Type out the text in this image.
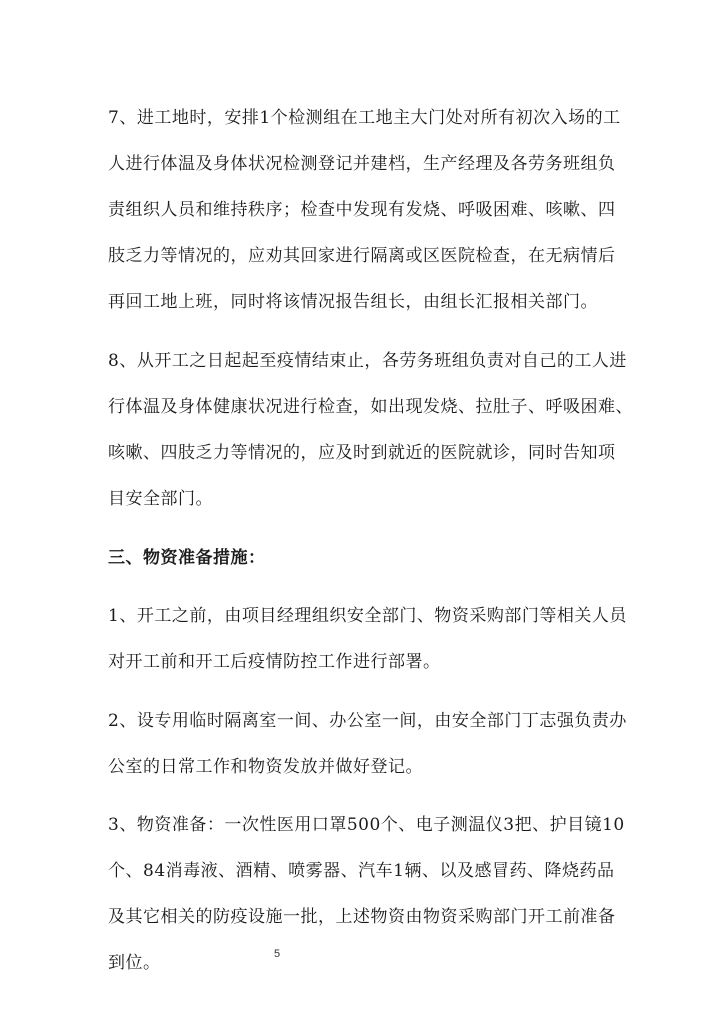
7、进工地时，安排1个检测组在工地主大门处对所有初次入场的工
人进行体温及身体状况检测登记并建档，生产经理及各劳务班组负
责组织人员和维持秩序；检查中发现有发烧、呼吸困难、咳嗽、四
肢乏力等情况的，应劝其回家进行隔离或区医院检查，在无病情后
再回工地上班，同时将该情况报告组长，由组长汇报相关部门。
8、从开工之日起起至疫情结束止，各劳务班组负责对自己的工人进
行体温及身体健康状况进行检查，如出现发烧、拉肚子、呼吸困难、
咳嗽、四肢乏力等情况的，应及时到就近的医院就诊，同时告知项
目安全部门。
三、物资准备措施：
1、开工之前，由项目经理组织安全部门、物资采购部门等相关人员
对开工前和开工后疫情防控工作进行部署。
2、设专用临时隔离室一间、办公室一间，由安全部门丁志强负责办
公室的日常工作和物资发放并做好登记。
3、物资准备：一次性医用口罩500个、电子测温仪3把、护目镜10
个、84消毒液、酒精、喷雾器、汽车1辆、以及感冒药、降烧药品
及其它相关的防疫设施一批，上述物资由物资采购部门开工前准备
到位。	5
